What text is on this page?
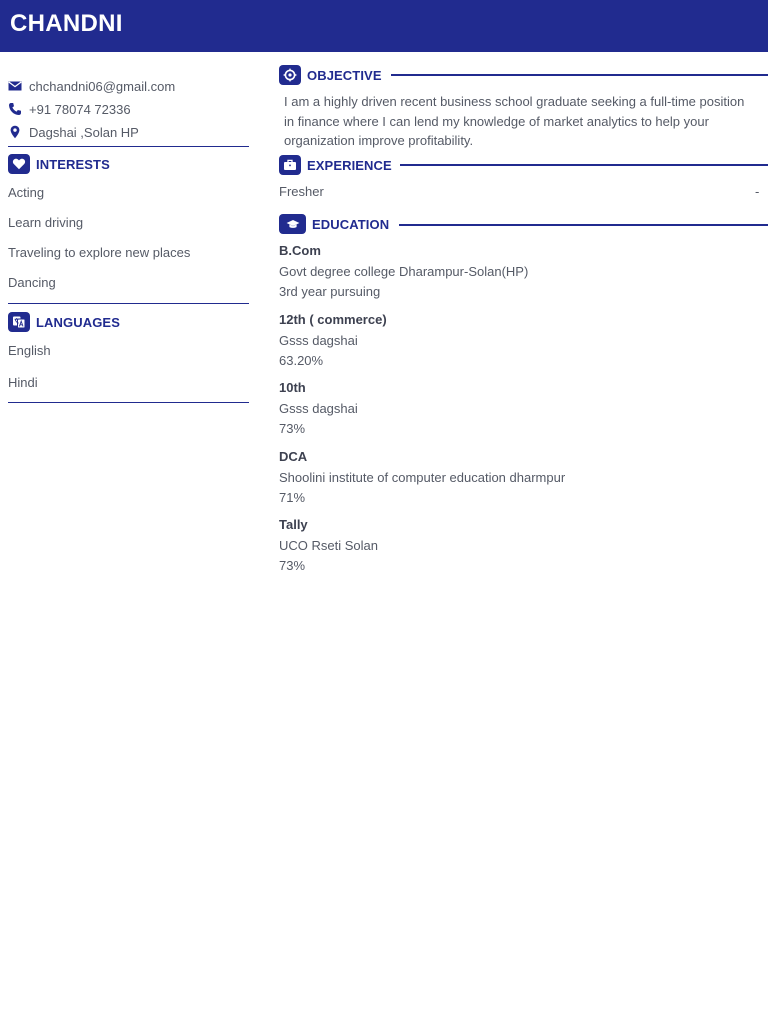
CHANDNI
chchandni06@gmail.com
+91 78074 72336
Dagshai ,Solan HP
INTERESTS
Acting
Learn driving
Traveling to explore new places
Dancing
LANGUAGES
English
Hindi
OBJECTIVE
I am a highly driven recent business school graduate seeking a full-time position in finance where I can lend my knowledge of market analytics to help your organization improve profitability.
EXPERIENCE
Fresher	-
EDUCATION
B.Com
Govt degree college Dharampur-Solan(HP)
3rd year pursuing
12th ( commerce)
Gsss dagshai
63.20%
10th
Gsss dagshai
73%
DCA
Shoolini institute of computer education dharmpur
71%
Tally
UCO Rseti Solan
73%
